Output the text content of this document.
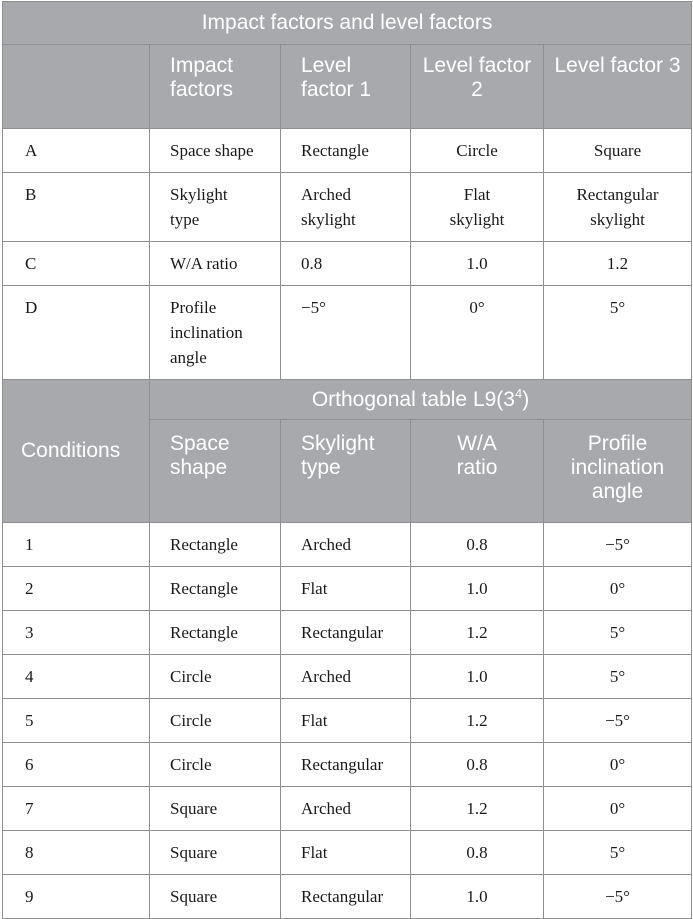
Impact factors and level factors				
	Impact factors	Level factor 1	Level factor 2	Level factor 3
A	Space shape	Rectangle	Circle	Square
B	Skylight type	Arched skylight	Flat skylight	Rectangular skylight
C	W/A ratio	0.8	1.0	1.2
D	Profile inclination angle	−5°	0°	5°
Conditions	Orthogonal table $L9(3^4)$			
	Space shape	Skylight type	W/A ratio	Profile inclination angle
1	Rectangle	Arched	0.8	−5°
2	Rectangle	Flat	1.0	0°
3	Rectangle	Rectangular	1.2	5°
4	Circle	Arched	1.0	5°
5	Circle	Flat	1.2	−5°
6	Circle	Rectangular	0.8	0°
7	Square	Arched	1.2	0°
8	Square	Flat	0.8	5°
9	Square	Rectangular	1.0	−5°
